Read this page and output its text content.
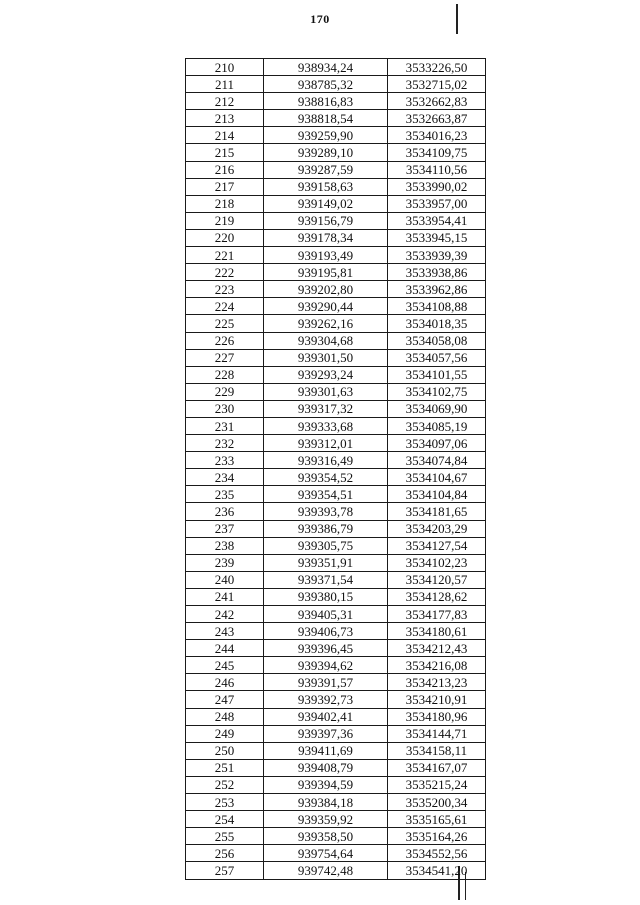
170
210	938934,24	3533226,50
211	938785,32	3532715,02
212	938816,83	3532662,83
213	938818,54	3532663,87
214	939259,90	3534016,23
215	939289,10	3534109,75
216	939287,59	3534110,56
217	939158,63	3533990,02
218	939149,02	3533957,00
219	939156,79	3533954,41
220	939178,34	3533945,15
221	939193,49	3533939,39
222	939195,81	3533938,86
223	939202,80	3533962,86
224	939290,44	3534108,88
225	939262,16	3534018,35
226	939304,68	3534058,08
227	939301,50	3534057,56
228	939293,24	3534101,55
229	939301,63	3534102,75
230	939317,32	3534069,90
231	939333,68	3534085,19
232	939312,01	3534097,06
233	939316,49	3534074,84
234	939354,52	3534104,67
235	939354,51	3534104,84
236	939393,78	3534181,65
237	939386,79	3534203,29
238	939305,75	3534127,54
239	939351,91	3534102,23
240	939371,54	3534120,57
241	939380,15	3534128,62
242	939405,31	3534177,83
243	939406,73	3534180,61
244	939396,45	3534212,43
245	939394,62	3534216,08
246	939391,57	3534213,23
247	939392,73	3534210,91
248	939402,41	3534180,96
249	939397,36	3534144,71
250	939411,69	3534158,11
251	939408,79	3534167,07
252	939394,59	3535215,24
253	939384,18	3535200,34
254	939359,92	3535165,61
255	939358,50	3535164,26
256	939754,64	3534552,56
257	939742,48	3534541,20
